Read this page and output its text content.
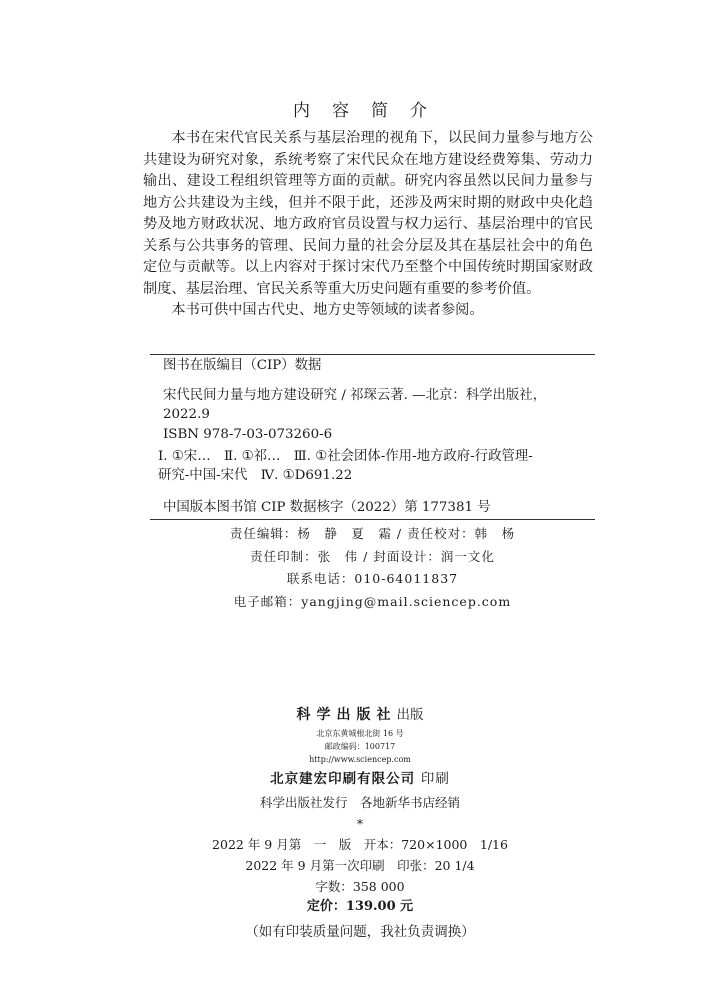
内容简介

本书在宋代官民关系与基层治理的视角下，以民间力量参与地方公共建设为研究对象，系统考察了宋代民众在地方建设经费筹集、劳动力输出、建设工程组织管理等方面的贡献。研究内容虽然以民间力量参与地方公共建设为主线，但并不限于此，还涉及两宋时期的财政中央化趋势及地方财政状况、地方政府官员设置与权力运行、基层治理中的官民关系与公共事务的管理、民间力量的社会分层及其在基层社会中的角色定位与贡献等。以上内容对于探讨宋代乃至整个中国传统时期国家财政制度、基层治理、官民关系等重大历史问题有重要的参考价值。

本书可供中国古代史、地方史等领域的读者参阅。

图书在版编目（CIP）数据
宋代民间力量与地方建设研究 / 祁琛云著. —北京：科学出版社，
2022.9
ISBN 978-7-03-073260-6
Ⅰ. ①宋…　Ⅱ. ①祁…　Ⅲ. ①社会团体-作用-地方政府-行政管理-
研究-中国-宋代　Ⅳ. ①D691.22
中国版本图书馆 CIP 数据核字（2022）第 177381 号
责任编辑：杨　静　夏　霜 / 责任校对：韩　杨
责任印制：张　伟 / 封面设计：润一文化
联系电话：010-64011837
电子邮箱：yangjing@mail.sciencep.com
科学出版社出版
北京东黄城根北街 16 号
邮政编码：100717
http://www.sciencep.com
北京建宏印刷有限公司 印刷
科学出版社发行　各地新华书店经销
*
2022 年 9 月第　一　版　开本：720×1000　1/16
2022 年 9 月第一次印刷　印张：20 1/4
字数：358 000
定价：139.00 元
（如有印装质量问题，我社负责调换）
